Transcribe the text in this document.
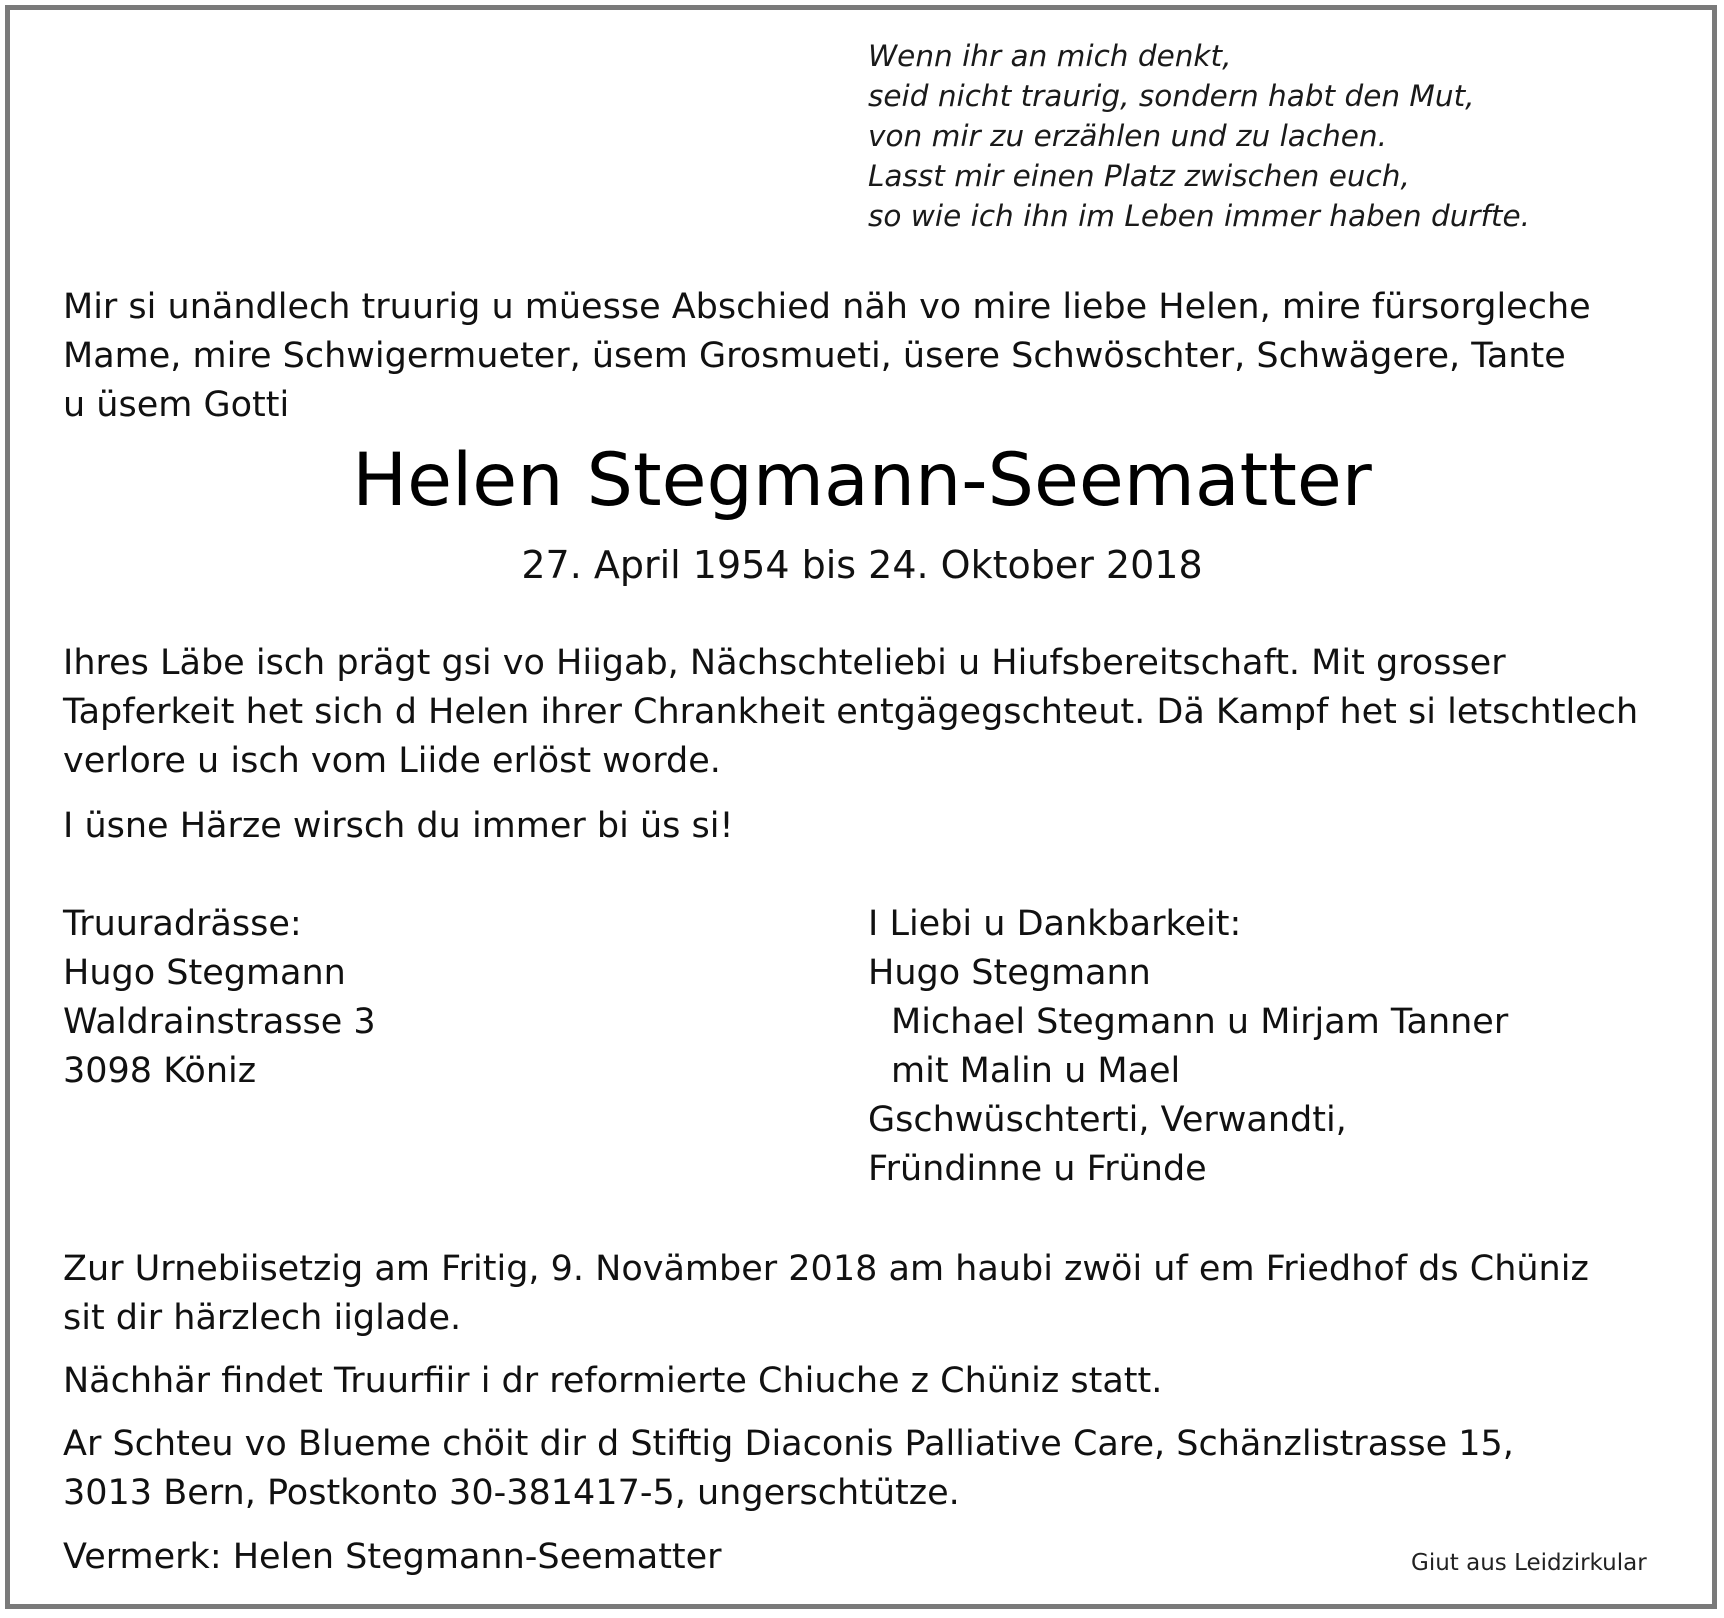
Wenn ihr an mich denkt,
seid nicht traurig, sondern habt den Mut,
von mir zu erzählen und zu lachen.
Lasst mir einen Platz zwischen euch,
so wie ich ihn im Leben immer haben durfte.
Mir si unändlech truurig u müesse Abschied näh vo mire liebe Helen, mire fürsorgleche
Mame, mire Schwigermueter, üsem Grosmueti, üsere Schwöschter, Schwägere, Tante
u üsem Gotti
Helen Stegmann-Seematter
27. April 1954 bis 24. Oktober 2018
Ihres Läbe isch prägt gsi vo Hiigab, Nächschteliebi u Hiufsbereitschaft. Mit grosser
Tapferkeit het sich d Helen ihrer Chrankheit entgägegschteut. Dä Kampf het si letschtlech
verlore u isch vom Liide erlöst worde.
I üsne Härze wirsch du immer bi üs si!
Truuradrässe:
Hugo Stegmann
Waldrainstrasse 3
3098 Köniz
I Liebi u Dankbarkeit:
Hugo Stegmann
Michael Stegmann u Mirjam Tanner
mit Malin u Mael
Gschwüschterti, Verwandti,
Fründinne u Fründe
Zur Urnebiisetzig am Fritig, 9. Novämber 2018 am haubi zwöi uf em Friedhof ds Chüniz
sit dir härzlech iiglade.
Nächhär findet Truurfiir i dr reformierte Chiuche z Chüniz statt.
Ar Schteu vo Blueme chöit dir d Stiftig Diaconis Palliative Care, Schänzlistrasse 15,
3013 Bern, Postkonto 30-381417-5, ungerschtütze.
Vermerk: Helen Stegmann-Seematter	Giut aus Leidzirkular
